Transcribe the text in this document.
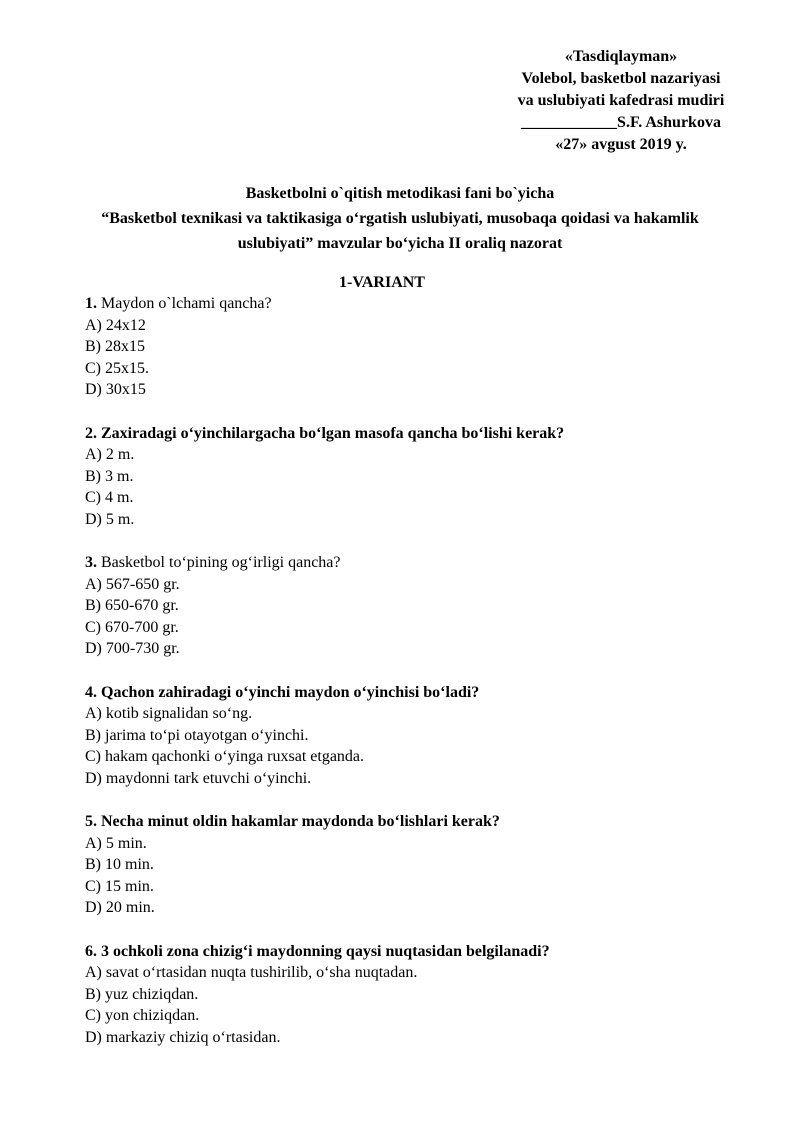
«Tasdiqlayman»
Volebol, basketbol nazariyasi
va uslubiyati kafedrasi mudiri
____________S.F. Ashurkova
«27» avgust 2019 y.
Basketbolni o`qitish metodikasi fani bo`yicha
“Basketbol texnikasi va taktikasiga o‘rgatish uslubiyati, musobaqa qoidasi va hakamlik
uslubiyati” mavzular bo‘yicha II oraliq nazorat
1-VARIANT
1. Maydon o`lchami qancha?
A) 24x12
B) 28x15
C) 25x15.
D) 30x15
2. Zaxiradagi o‘yinchilargacha bo‘lgan masofa qancha bo‘lishi kerak?
A) 2 m.
B) 3 m.
C) 4 m.
D) 5 m.
3. Basketbol to‘pining og‘irligi qancha?
A) 567-650 gr.
B) 650-670 gr.
C) 670-700 gr.
D) 700-730 gr.
4. Qachon zahiradagi o‘yinchi maydon o‘yinchisi bo‘ladi?
A) kotib signalidan so‘ng.
B) jarima to‘pi otayotgan o‘yinchi.
C) hakam qachonki o‘yinga ruxsat etganda.
D) maydonni tark etuvchi o‘yinchi.
5. Necha minut oldin hakamlar maydonda bo‘lishlari kerak?
A) 5 min.
B) 10 min.
C) 15 min.
D) 20 min.
6. 3 ochkoli zona chizig‘i maydonning qaysi nuqtasidan belgilanadi?
A) savat o‘rtasidan nuqta tushirilib, o‘sha nuqtadan.
B) yuz chiziqdan.
C) yon chiziqdan.
D) markaziy chiziq o‘rtasidan.
